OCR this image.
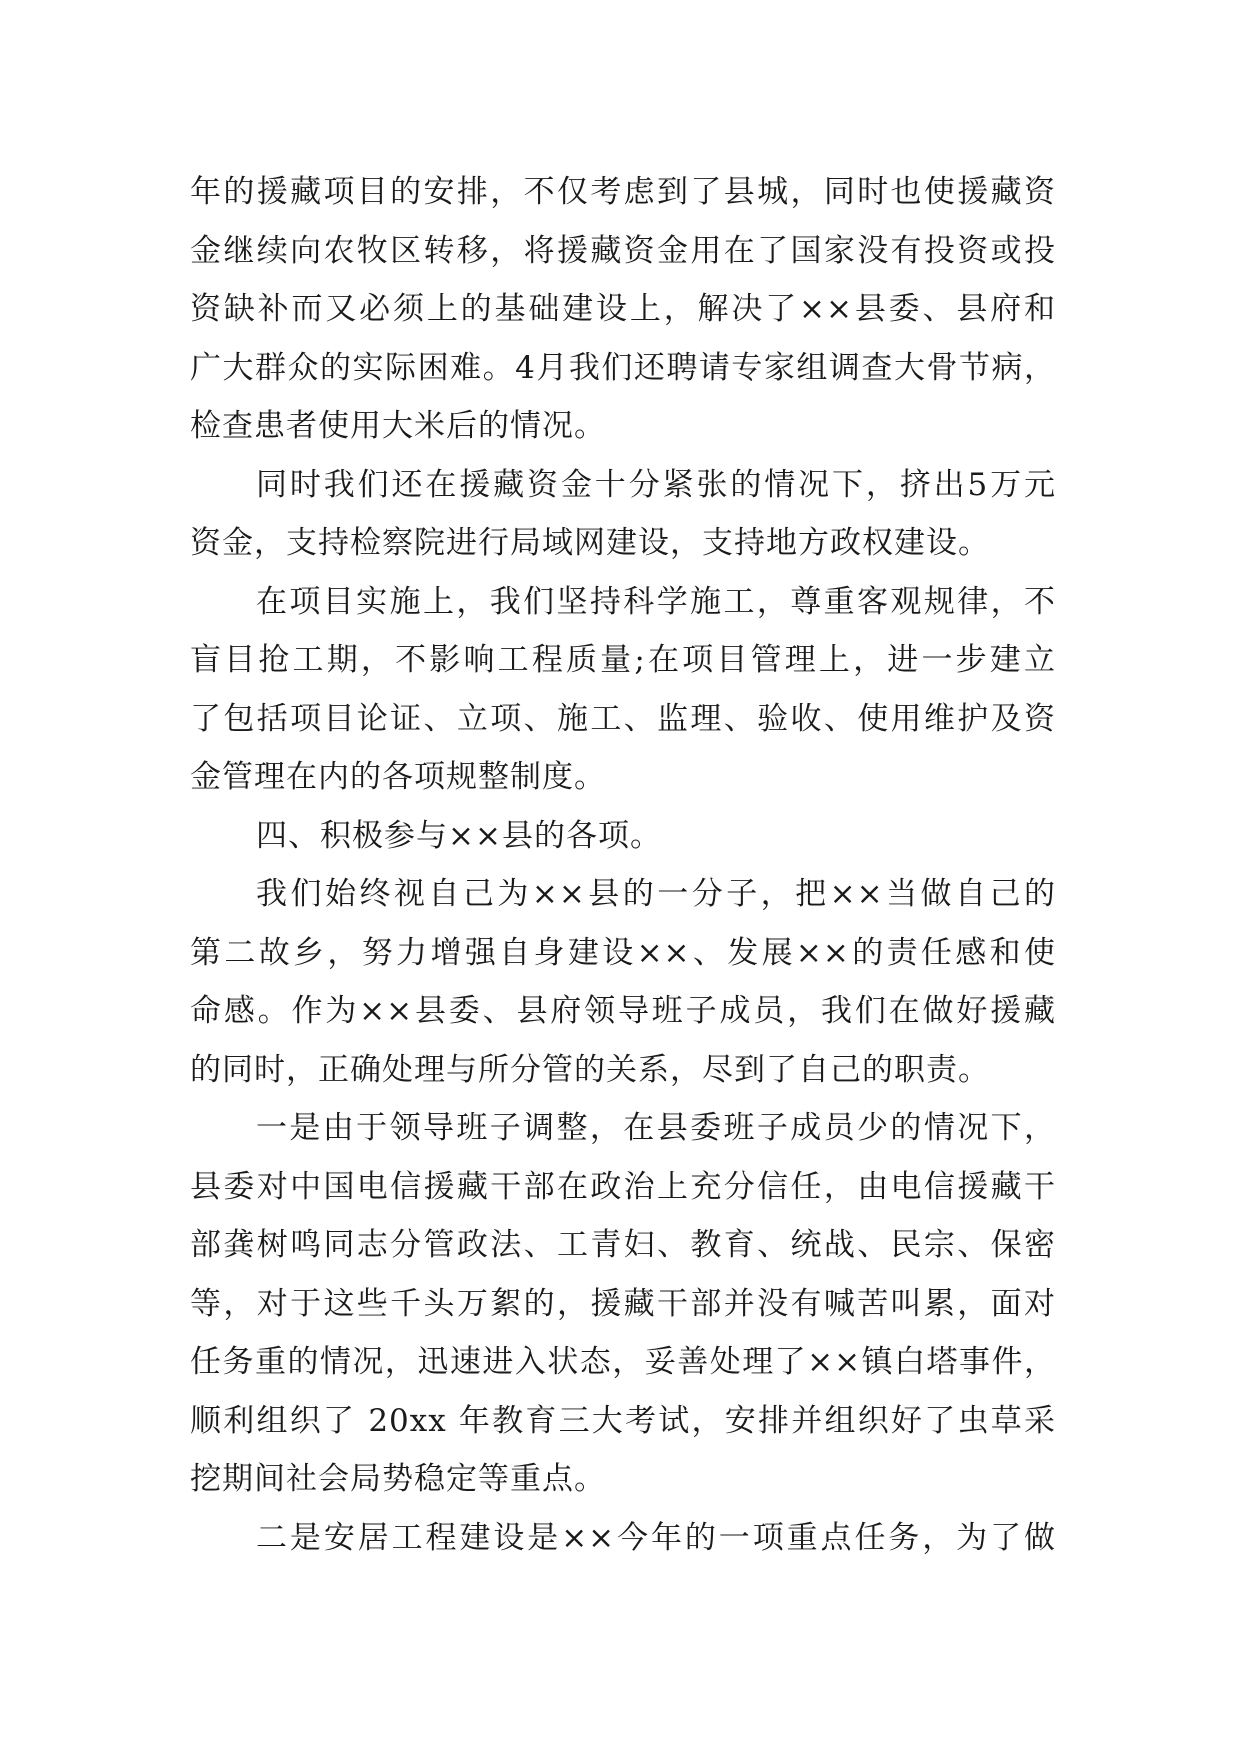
年的援藏项目的安排，不仅考虑到了县城，同时也使援藏资
金继续向农牧区转移，将援藏资金用在了国家没有投资或投
资缺补而又必须上的基础建设上，解决了××县委、县府和
广大群众的实际困难。4月我们还聘请专家组调查大骨节病，
检查患者使用大米后的情况。
同时我们还在援藏资金十分紧张的情况下，挤出5万元
资金，支持检察院进行局域网建设，支持地方政权建设。
在项目实施上，我们坚持科学施工，尊重客观规律，不
盲目抢工期，不影响工程质量;在项目管理上，进一步建立
了包括项目论证、立项、施工、监理、验收、使用维护及资
金管理在内的各项规整制度。
四、积极参与××县的各项。
我们始终视自己为××县的一分子，把××当做自己的
第二故乡，努力增强自身建设××、发展××的责任感和使
命感。作为××县委、县府领导班子成员，我们在做好援藏
的同时，正确处理与所分管的关系，尽到了自己的职责。
一是由于领导班子调整，在县委班子成员少的情况下，
县委对中国电信援藏干部在政治上充分信任，由电信援藏干
部龚树鸣同志分管政法、工青妇、教育、统战、民宗、保密
等，对于这些千头万絮的，援藏干部并没有喊苦叫累，面对
任务重的情况，迅速进入状态，妥善处理了××镇白塔事件，
顺利组织了 20xx 年教育三大考试，安排并组织好了虫草采
挖期间社会局势稳定等重点。
二是安居工程建设是××今年的一项重点任务，为了做
